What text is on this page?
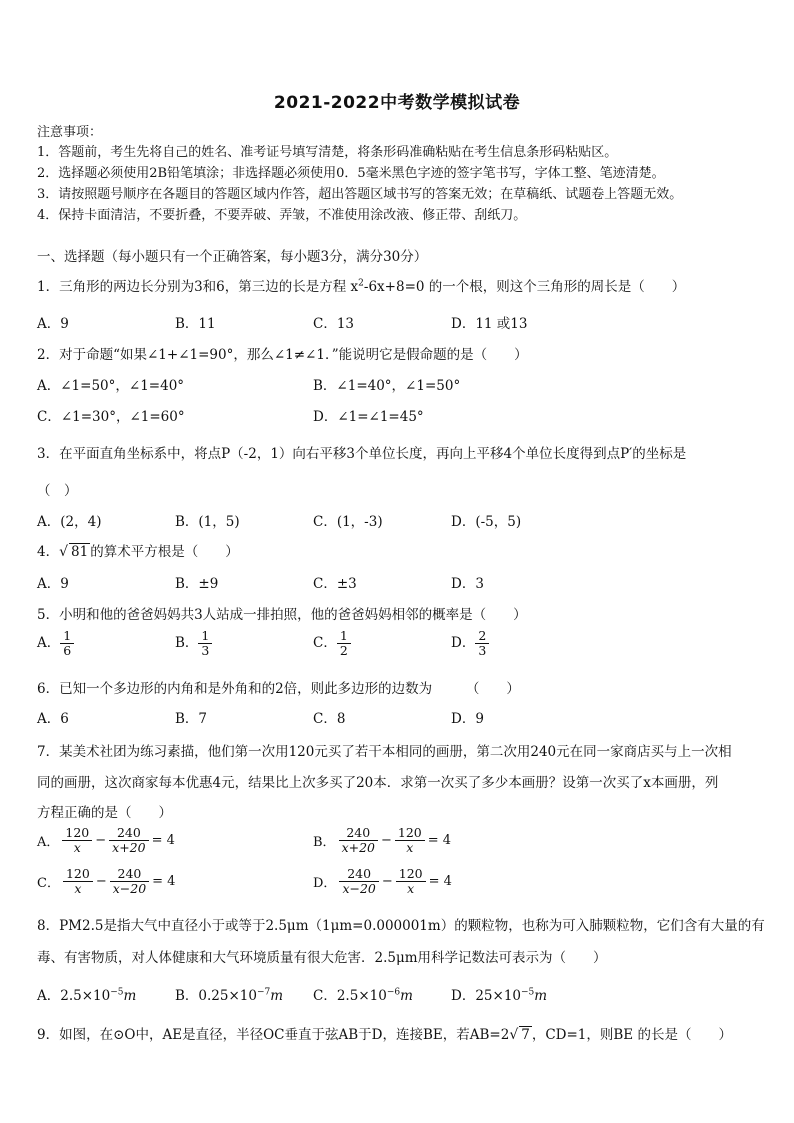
2021-2022中考数学模拟试卷
注意事项：
1．答题前，考生先将自己的姓名、准考证号填写清楚，将条形码准确粘贴在考生信息条形码粘贴区。
2．选择题必须使用2B铅笔填涂；非选择题必须使用0．5毫米黑色字迹的签字笔书写，字体工整、笔迹清楚。
3．请按照题号顺序在各题目的答题区域内作答，超出答题区域书写的答案无效；在草稿纸、试题卷上答题无效。
4．保持卡面清洁，不要折叠，不要弄破、弄皱，不准使用涂改液、修正带、刮纸刀。
一、选择题（每小题只有一个正确答案，每小题3分，满分30分）
1．三角形的两边长分别为3和6，第三边的长是方程 $x^2-6x+8=0$ 的一个根，则这个三角形的周长是（　　）
A．9	B．11	C．13	D．11 或13
2．对于命题“如果∠1+∠1=90°，那么∠1≠∠1．”能说明它是假命题的是（　　）
A．∠1=50°，∠1=40°	B．∠1=40°，∠1=50°
C．∠1=30°，∠1=60°	D．∠1=∠1=45°
3．在平面直角坐标系中，将点P（-2，1）向右平移3个单位长度，再向上平移4个单位长度得到点P′的坐标是
（　）
A．(2，4)	B．(1，5)	C．(1，-3)	D．(-5，5)
4．√ 81 的算术平方根是（　　）
A．9	B．±9	C．±3	D．3
5．小明和他的爸爸妈妈共3人站成一排拍照，他的爸爸妈妈相邻的概率是（　　）
A． $\frac{1}{6}$	B． $\frac{1}{3}$	C． $\frac{1}{2}$	D． $\frac{2}{3}$
6．已知一个多边形的内角和是外角和的2倍，则此多边形的边数为　　　（　　）
A．6	B．7	C．8	D．9
7．某美术社团为练习素描，他们第一次用120元买了若干本相同的画册，第二次用240元在同一家商店买与上一次相
同的画册，这次商家每本优惠4元，结果比上次多买了20本．求第一次买了多少本画册？设第一次买了x本画册，列
方程正确的是（　　）
A． $\frac{120}{x} - \frac{240}{x+20} = 4$	B． $\frac{240}{x+20} - \frac{120}{x} = 4$
C． $\frac{120}{x} - \frac{240}{x-20} = 4$	D． $\frac{240}{x-20} - \frac{120}{x} = 4$
8．PM2.5是指大气中直径小于或等于2.5μm（1μm=0.000001m）的颗粒物，也称为可入肺颗粒物，它们含有大量的有
毒、有害物质，对人体健康和大气环境质量有很大危害．2.5μm用科学记数法可表示为（　　）
A．$2.5\times 10^{-5}m$	B．$0.25\times 10^{-7}m$ C．$2.5\times 10^{-6}m$	D．$25\times 10^{-5}m$
9．如图，在⊙O中，AE是直径，半径OC垂直于弦AB于D，连接BE，若AB=2√ 7 ，CD=1，则BE 的长是（　　）
